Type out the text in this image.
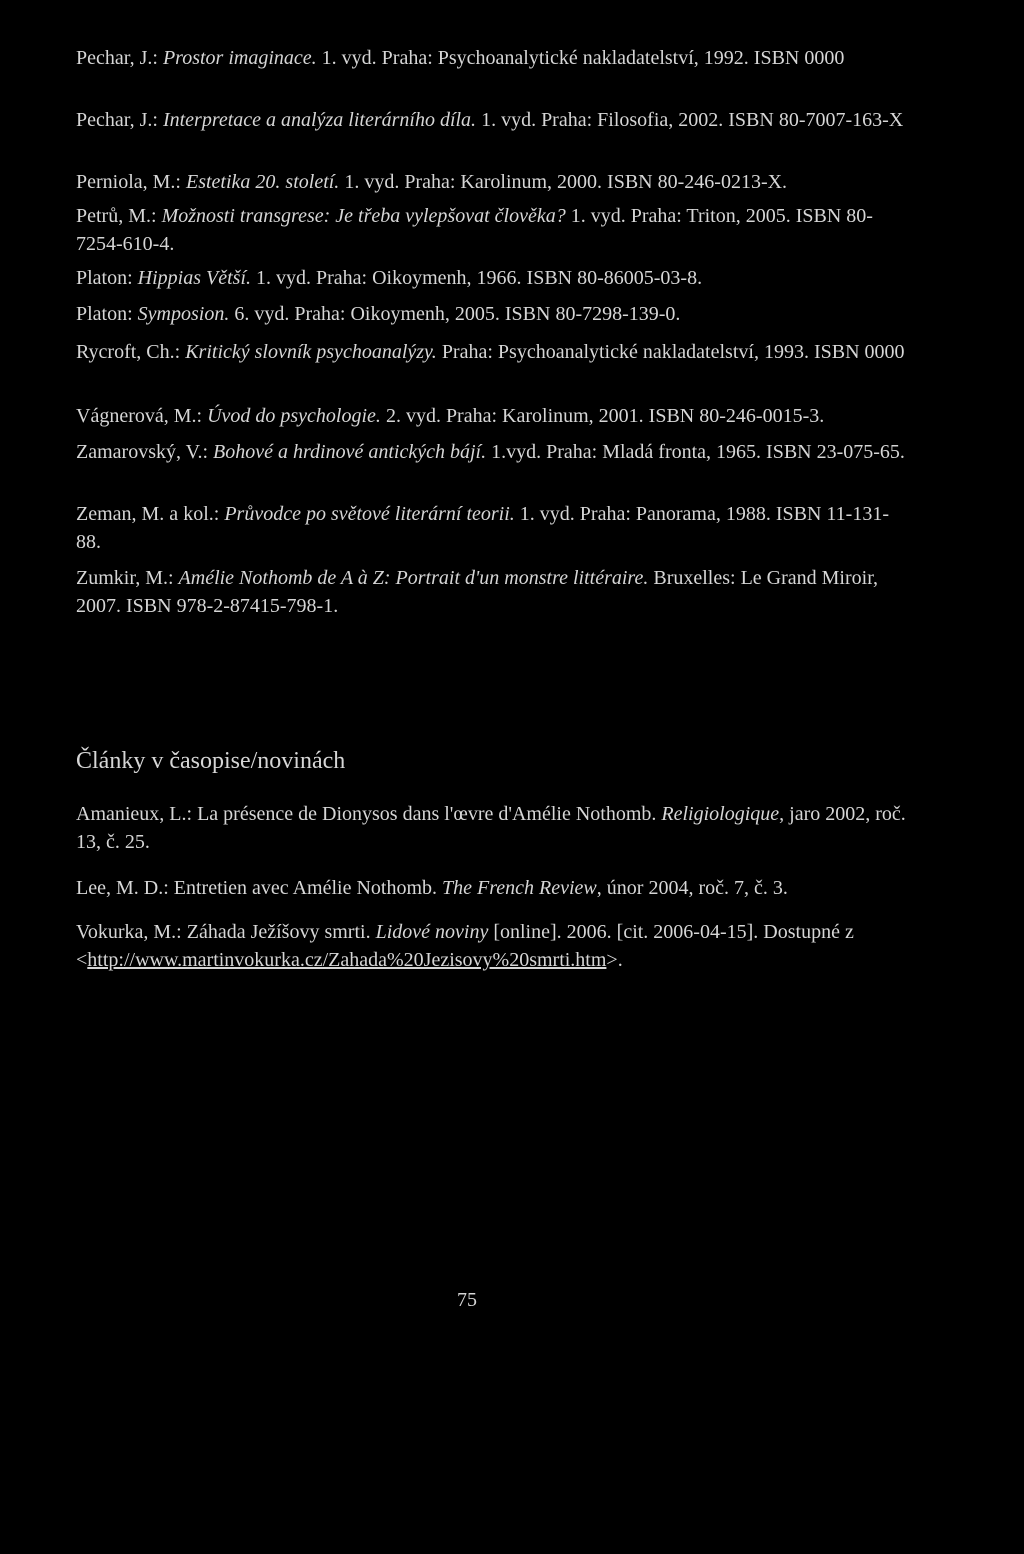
Pechar, J.: Prostor imaginace. 1. vyd. Praha: Psychoanalytické nakladatelství, 1992. ISBN 0000

Pechar, J.: Interpretace a analýza literárního díla. 1. vyd. Praha: Filosofia, 2002. ISBN 80-7007-163-X

Perniola, M.: Estetika 20. století. 1. vyd. Praha: Karolinum, 2000. ISBN 80-246-0213-X.

Petrů, M.: Možnosti transgrese: Je třeba vylepšovat člověka? 1. vyd. Praha: Triton, 2005. ISBN 80-7254-610-4.

Platon: Hippias Větší. 1. vyd. Praha: Oikoymenh, 1966. ISBN 80-86005-03-8.

Platon: Symposion. 6. vyd. Praha: Oikoymenh, 2005. ISBN 80-7298-139-0.

Rycroft, Ch.: Kritický slovník psychoanalýzy. Praha: Psychoanalytické nakladatelství, 1993. ISBN 0000

Vágnerová, M.: Úvod do psychologie. 2. vyd. Praha: Karolinum, 2001. ISBN 80-246-0015-3.

Zamarovský, V.: Bohové a hrdinové antických bájí. 1.vyd. Praha: Mladá fronta, 1965. ISBN 23-075-65.

Zeman, M. a kol.: Průvodce po světové literární teorii. 1. vyd. Praha: Panorama, 1988. ISBN 11-131-88.

Zumkir, M.: Amélie Nothomb de A à Z: Portrait d'un monstre littéraire. Bruxelles: Le Grand Miroir, 2007. ISBN 978-2-87415-798-1.

Články v časopise/novinách

Amanieux, L.: La présence de Dionysos dans l'œvre d'Amélie Nothomb. Religiologique, jaro 2002, roč. 13, č. 25.

Lee, M. D.: Entretien avec Amélie Nothomb. The French Review, únor 2004, roč. 7, č. 3.

Vokurka, M.: Záhada Ježíšovy smrti. Lidové noviny [online]. 2006. [cit. 2006-04-15]. Dostupné z <http://www.martinvokurka.cz/Zahada%20Jezisovy%20smrti.htm>.

75
